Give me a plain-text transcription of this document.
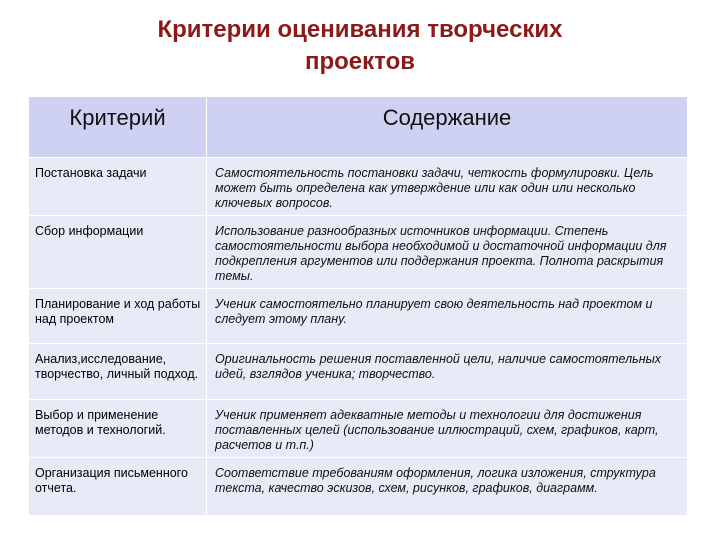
Критерии оценивания творческих
проектов
Критерий	Содержание
Постановка задачи	Самостоятельность постановки задачи, четкость формулировки. Цель может быть определена как утверждение или как один или несколько ключевых вопросов.
Сбор информации	Использование разнообразных источников информации. Степень самостоятельности выбора необходимой и достаточной информации для подкрепления аргументов или поддержания проекта. Полнота раскрытия темы.
Планирование и ход работы над проектом	Ученик самостоятельно планирует свою деятельность над проектом и следует этому плану.
Анализ,исследование, творчество, личный подход.	Оригинальность решения поставленной цели, наличие самостоятельных идей, взглядов ученика; творчество.
Выбор и применение методов и технологий.	Ученик применяет адекватные методы и технологии для достижения поставленных целей (использование иллюстраций, схем, графиков, карт, расчетов и т.п.)
Организация письменного отчета.	Соответствие требованиям оформления, логика изложения, структура текста, качество эскизов, схем, рисунков, графиков, диаграмм.
